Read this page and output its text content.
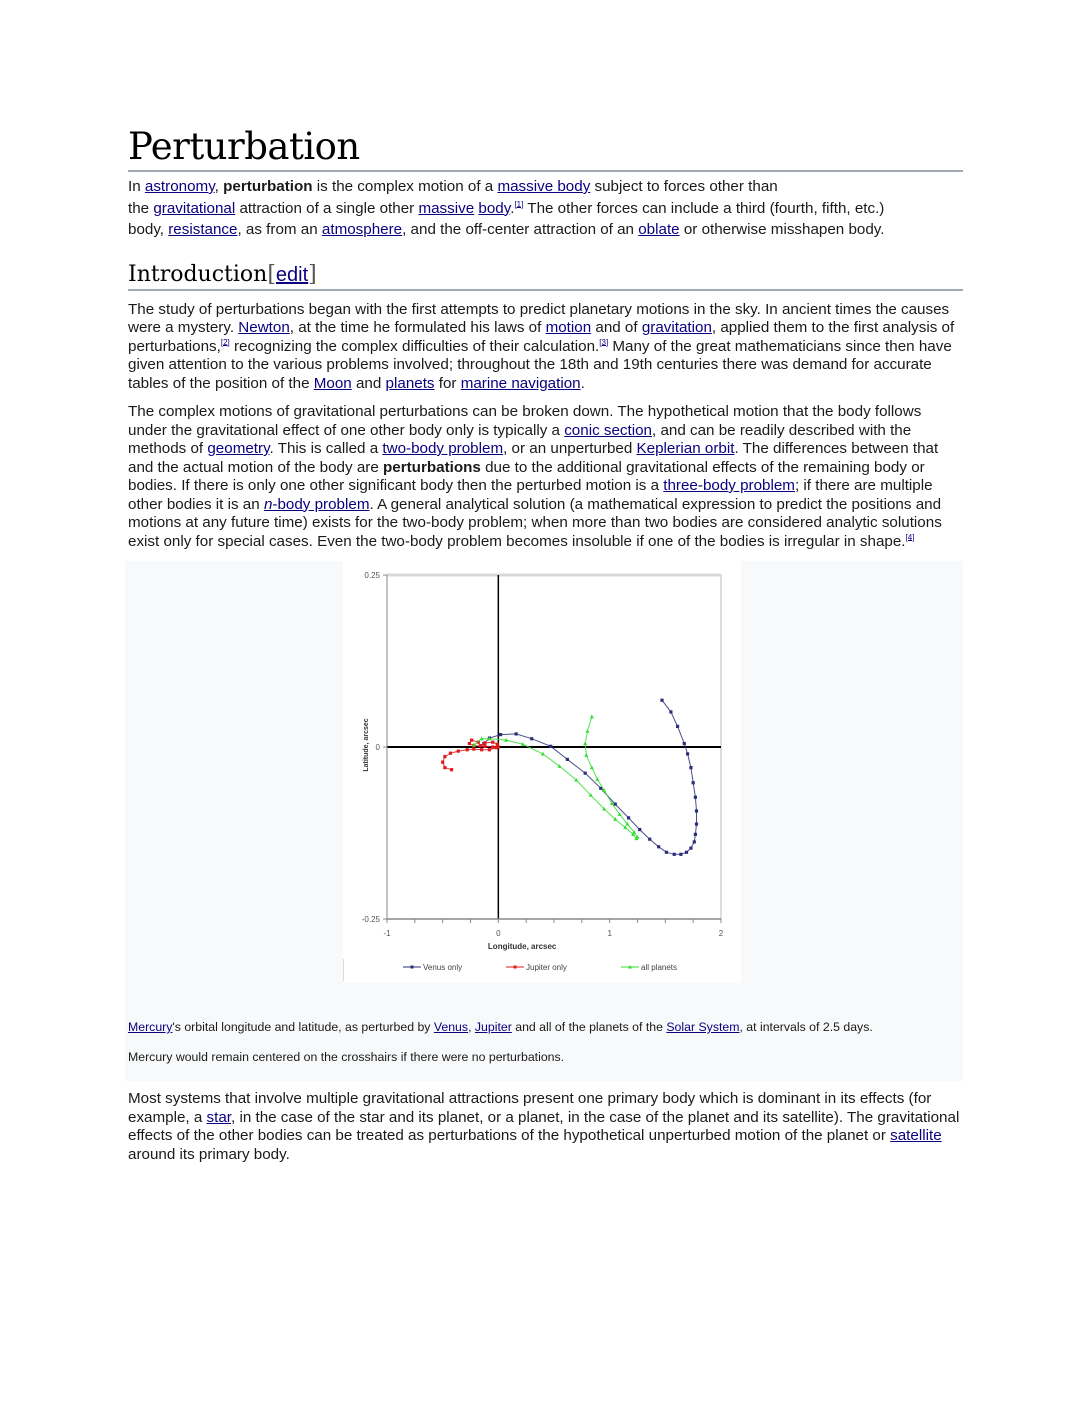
Perturbation

In astronomy, perturbation is the complex motion of a massive body subject to forces other than
the gravitational attraction of a single other massive body.[1] The other forces can include a third (fourth, fifth, etc.)
body, resistance, as from an atmosphere, and the off-center attraction of an oblate or otherwise misshapen body.

Introduction[edit]

The study of perturbations began with the first attempts to predict planetary motions in the sky. In ancient times the causes were a mystery. Newton, at the time he formulated his laws of motion and of gravitation, applied them to the first analysis of perturbations,[2] recognizing the complex difficulties of their calculation.[3] Many of the great mathematicians since then have given attention to the various problems involved; throughout the 18th and 19th centuries there was demand for accurate tables of the position of the Moon and planets for marine navigation.

The complex motions of gravitational perturbations can be broken down. The hypothetical motion that the body follows under the gravitational effect of one other body only is typically a conic section, and can be readily described with the methods of geometry. This is called a two-body problem, or an unperturbed Keplerian orbit. The differences between that and the actual motion of the body are perturbations due to the additional gravitational effects of the remaining body or bodies. If there is only one other significant body then the perturbed motion is a three-body problem; if there are multiple other bodies it is an n-body problem. A general analytical solution (a mathematical expression to predict the positions and motions at any future time) exists for the two-body problem; when more than two bodies are considered analytic solutions exist only for special cases. Even the two-body problem becomes insoluble if one of the bodies is irregular in shape.[4]

-1	0	1	2
0.25
0
-0.25
Longitude, arcsec
Latitude, arcsec
Venus only	Jupiter only	all planets
Mercury's orbital longitude and latitude, as perturbed by Venus, Jupiter and all of the planets of the Solar System, at intervals of 2.5 days.
Mercury would remain centered on the crosshairs if there were no perturbations.

Most systems that involve multiple gravitational attractions present one primary body which is dominant in its effects (for example, a star, in the case of the star and its planet, or a planet, in the case of the planet and its satellite). The gravitational effects of the other bodies can be treated as perturbations of the hypothetical unperturbed motion of the planet or satellite around its primary body.
